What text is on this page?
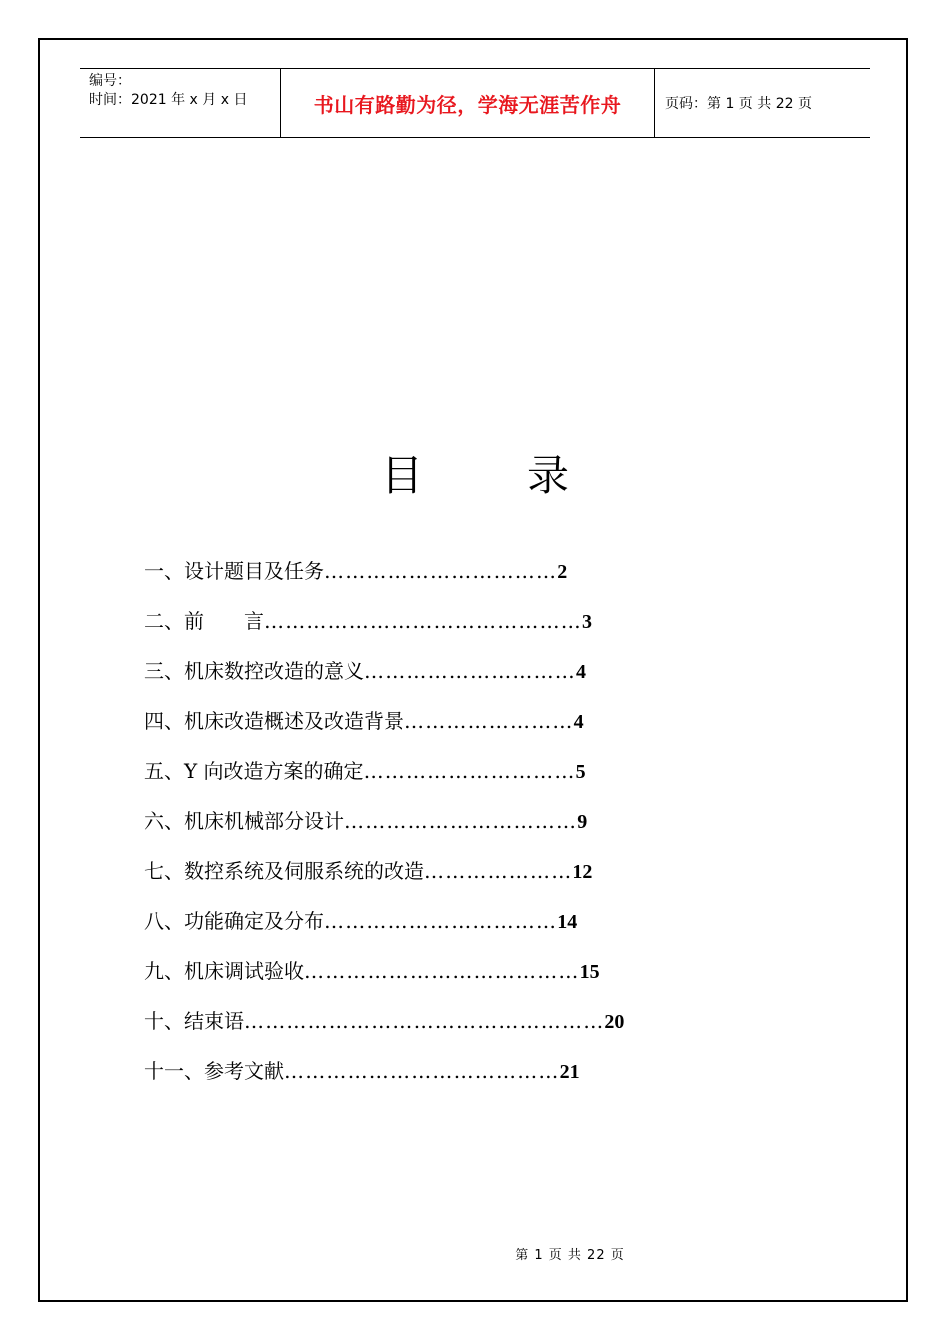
编号：
时间：2021 年 x 月 x 日	书山有路勤为径，学海无涯苦作舟	页码：第 1 页 共 22 页
目 录
一、设计题目及任务……………………………2
二、前　　言………………………………………3
三、机床数控改造的意义…………………………4
四、机床改造概述及改造背景……………………4
五、Y 向改造方案的确定…………………………5
六、机床机械部分设计……………………………9
七、数控系统及伺服系统的改造…………………12
八、功能确定及分布……………………………14
九、机床调试验收…………………………………15
十、结束语……………………………………………20
十一、参考文献…………………………………21
第 1 页 共 22 页
